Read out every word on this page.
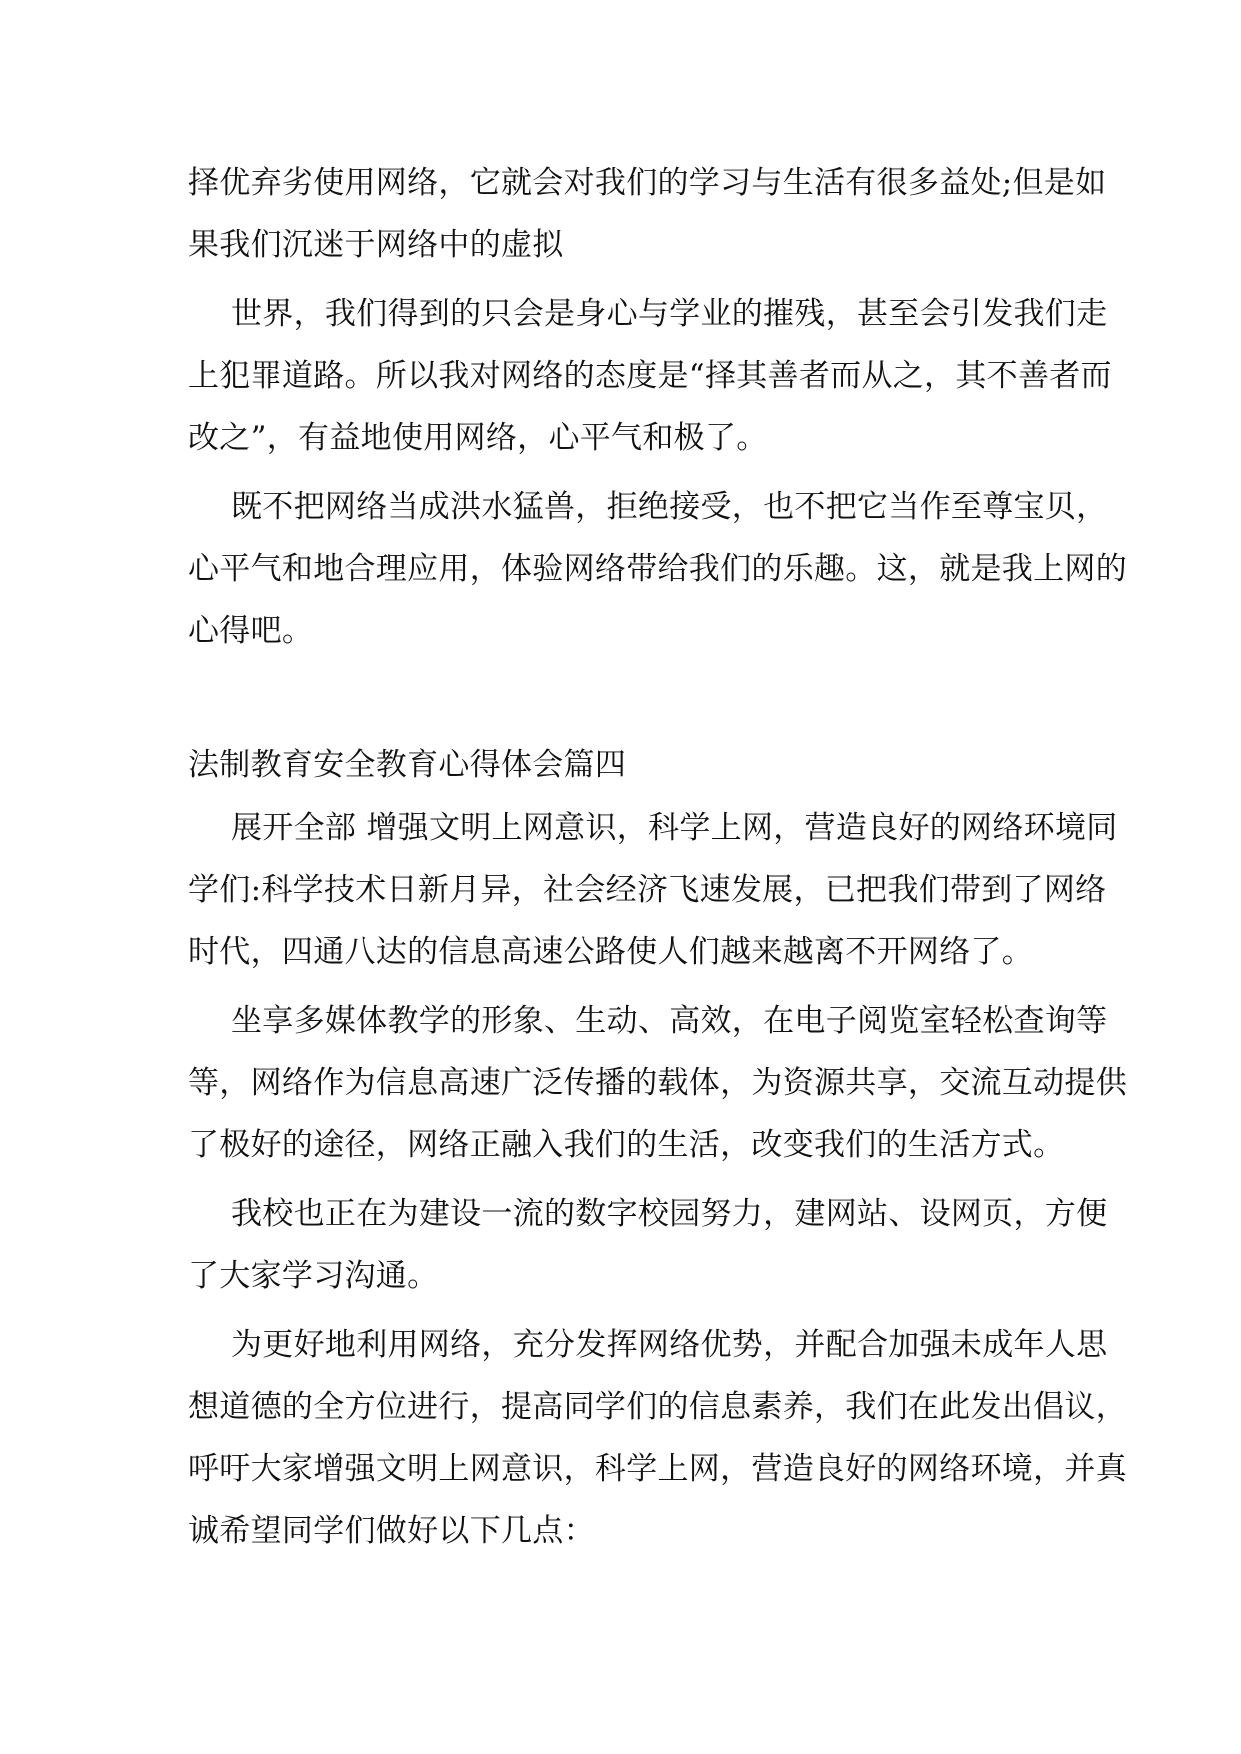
择优弃劣使用网络，它就会对我们的学习与生活有很多益处;但是如
果我们沉迷于网络中的虚拟
世界，我们得到的只会是身心与学业的摧残，甚至会引发我们走
上犯罪道路。所以我对网络的态度是“择其善者而从之，其不善者而
改之”，有益地使用网络，心平气和极了。
既不把网络当成洪水猛兽，拒绝接受，也不把它当作至尊宝贝，
心平气和地合理应用，体验网络带给我们的乐趣。这，就是我上网的
心得吧。
法制教育安全教育心得体会篇四
展开全部 增强文明上网意识，科学上网，营造良好的网络环境同
学们:科学技术日新月异，社会经济飞速发展，已把我们带到了网络
时代，四通八达的信息高速公路使人们越来越离不开网络了。
坐享多媒体教学的形象、生动、高效，在电子阅览室轻松查询等
等，网络作为信息高速广泛传播的载体，为资源共享，交流互动提供
了极好的途径，网络正融入我们的生活，改变我们的生活方式。
我校也正在为建设一流的数字校园努力，建网站、设网页，方便
了大家学习沟通。
为更好地利用网络，充分发挥网络优势，并配合加强未成年人思
想道德的全方位进行，提高同学们的信息素养，我们在此发出倡议，
呼吁大家增强文明上网意识，科学上网，营造良好的网络环境，并真
诚希望同学们做好以下几点：
